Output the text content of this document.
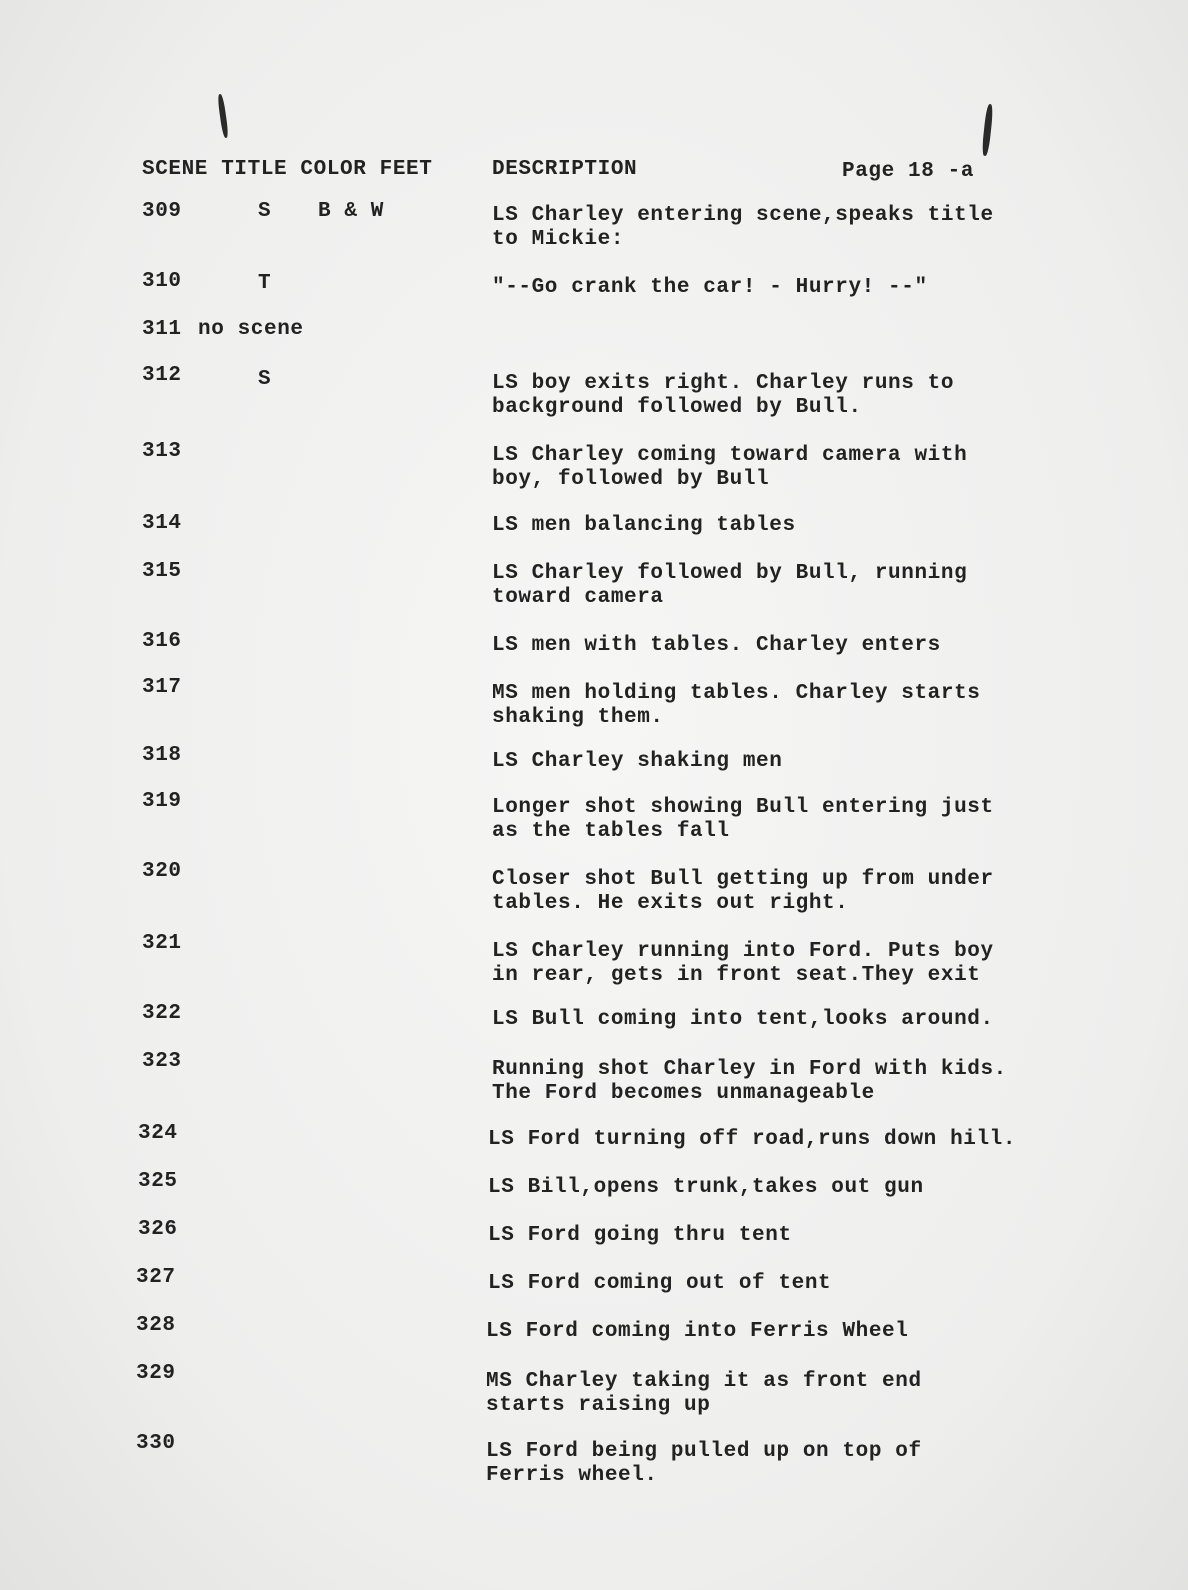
SCENE TITLE COLOR FEET	DESCRIPTION	Page 18 -a
309	S B & W	LS Charley entering scene,speaks title
to Mickie:
310	T	"--Go crank the car! - Hurry! --"
311 no scene
312	S	LS boy exits right. Charley runs to
background followed by Bull.
313	LS Charley coming toward camera with
boy, followed by Bull
314	LS men balancing tables
315	LS Charley followed by Bull, running
toward camera
316	LS men with tables. Charley enters
317	MS men holding tables. Charley starts
shaking them.
318	LS Charley shaking men
319	Longer shot showing Bull entering just
as the tables fall
320	Closer shot Bull getting up from under
tables. He exits out right.
321	LS Charley running into Ford. Puts boy
in rear, gets in front seat.They exit
322	LS Bull coming into tent,looks around.
323	Running shot Charley in Ford with kids.
The Ford becomes unmanageable
324	LS Ford turning off road,runs down hill.
325	LS Bill,opens trunk,takes out gun
326	LS Ford going thru tent
327	LS Ford coming out of tent
328	LS Ford coming into Ferris Wheel
329	MS Charley taking it as front end
starts raising up
330	LS Ford being pulled up on top of
Ferris wheel.
